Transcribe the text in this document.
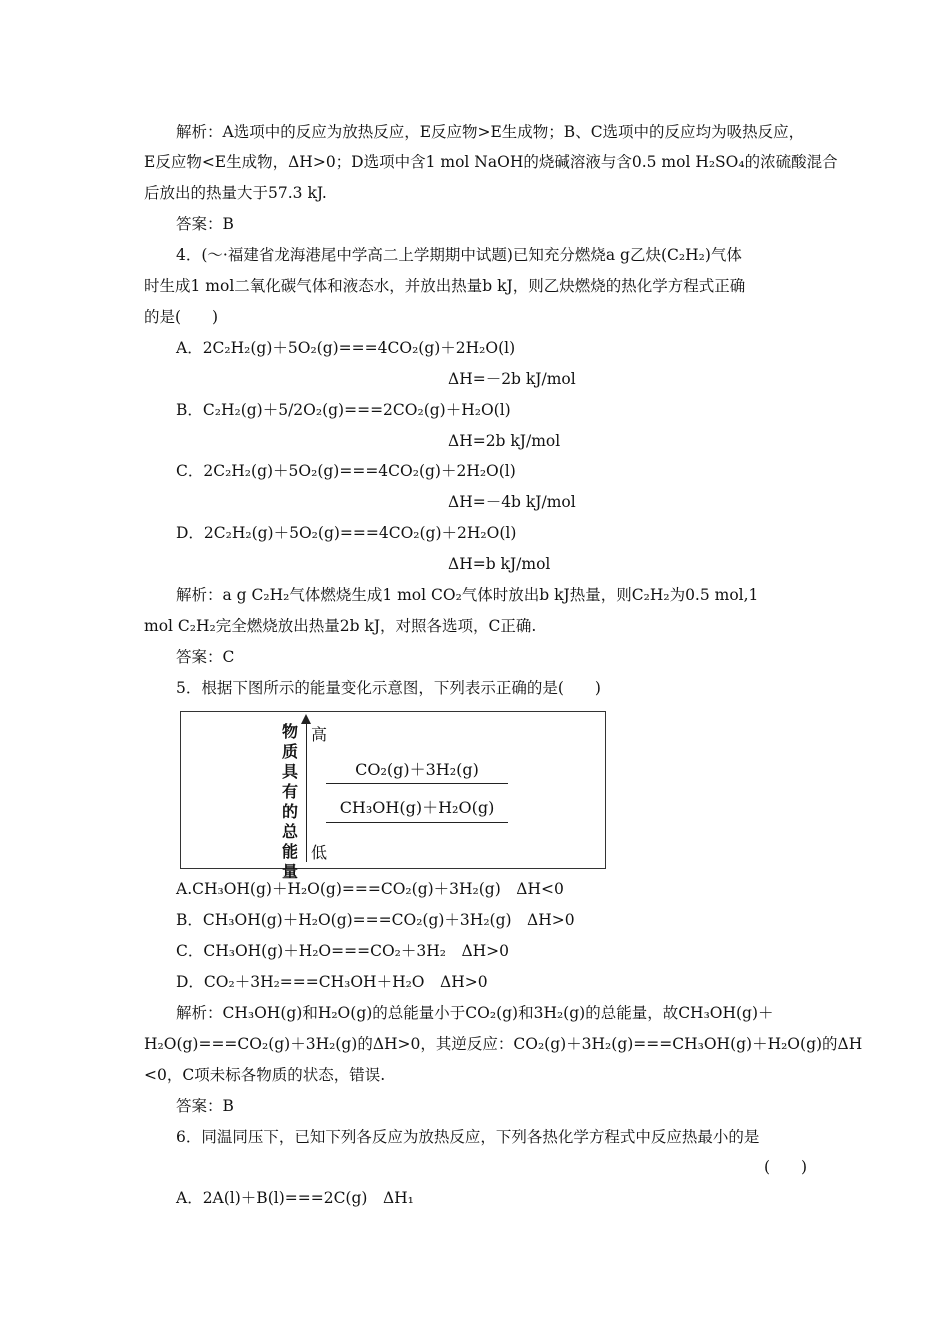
解析：A选项中的反应为放热反应，E反应物>E生成物；B、C选项中的反应均为吸热反应，
E反应物<E生成物，ΔH>0；D选项中含1 mol NaOH的烧碱溶液与含0.5 mol H₂SO₄的浓硫酸混合
后放出的热量大于57.3 kJ.
答案：B
4．(～·福建省龙海港尾中学高二上学期期中试题)已知充分燃烧a g乙炔(C₂H₂)气体
时生成1 mol二氧化碳气体和液态水，并放出热量b kJ，则乙炔燃烧的热化学方程式正确
的是(　　)
A．2C₂H₂(g)＋5O₂(g)===4CO₂(g)＋2H₂O(l)
ΔH=－2b kJ/mol
B．C₂H₂(g)＋5/2O₂(g)===2CO₂(g)＋H₂O(l)
ΔH=2b kJ/mol
C．2C₂H₂(g)＋5O₂(g)===4CO₂(g)＋2H₂O(l)
ΔH=－4b kJ/mol
D．2C₂H₂(g)＋5O₂(g)===4CO₂(g)＋2H₂O(l)
ΔH=b kJ/mol
解析：a g C₂H₂气体燃烧生成1 mol CO₂气体时放出b kJ热量，则C₂H₂为0.5 mol,1
mol C₂H₂完全燃烧放出热量2b kJ，对照各选项，C正确.
答案：C
5．根据下图所示的能量变化示意图，下列表示正确的是(　　)
A.CH₃OH(g)＋H₂O(g)===CO₂(g)＋3H₂(g)　ΔH<0
B．CH₃OH(g)＋H₂O(g)===CO₂(g)＋3H₂(g)　ΔH>0
C．CH₃OH(g)＋H₂O===CO₂＋3H₂　ΔH>0
D．CO₂＋3H₂===CH₃OH＋H₂O　ΔH>0
解析：CH₃OH(g)和H₂O(g)的总能量小于CO₂(g)和3H₂(g)的总能量，故CH₃OH(g)＋
H₂O(g)===CO₂(g)＋3H₂(g)的ΔH>0，其逆反应：CO₂(g)＋3H₂(g)===CH₃OH(g)＋H₂O(g)的ΔH
<0，C项未标各物质的状态，错误.
答案：B
6．同温同压下，已知下列各反应为放热反应，下列各热化学方程式中反应热最小的是
(　　)
A．2A(l)＋B(l)===2C(g)　ΔH₁
物
质
具
有
的
总
能
量
高
低
CO₂(g)＋3H₂(g)
CH₃OH(g)＋H₂O(g)
